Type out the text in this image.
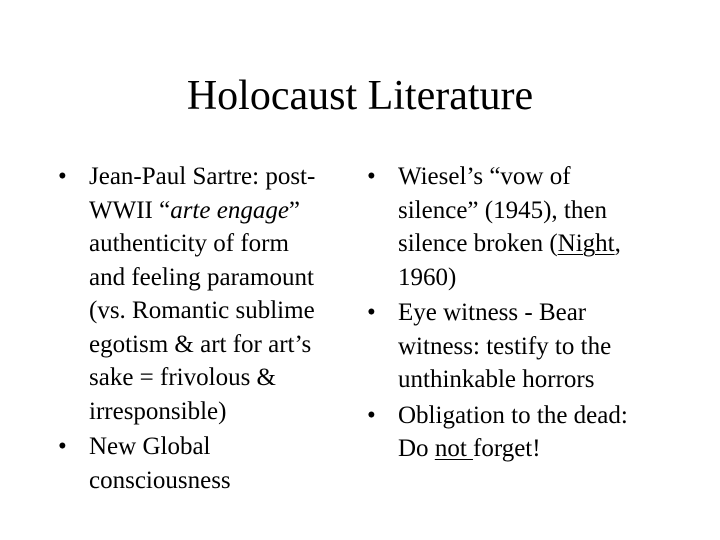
Holocaust Literature
• Jean-Paul Sartre: post-
WWII “arte engage”
authenticity of form
and feeling paramount
(vs. Romantic sublime
egotism & art for art’s
sake = frivolous &
irresponsible)
• New Global
consciousness
• Wiesel’s “vow of
silence” (1945), then
silence broken (Night,
1960)
• Eye witness - Bear
witness: testify to the
unthinkable horrors
• Obligation to the dead:
Do not forget!
